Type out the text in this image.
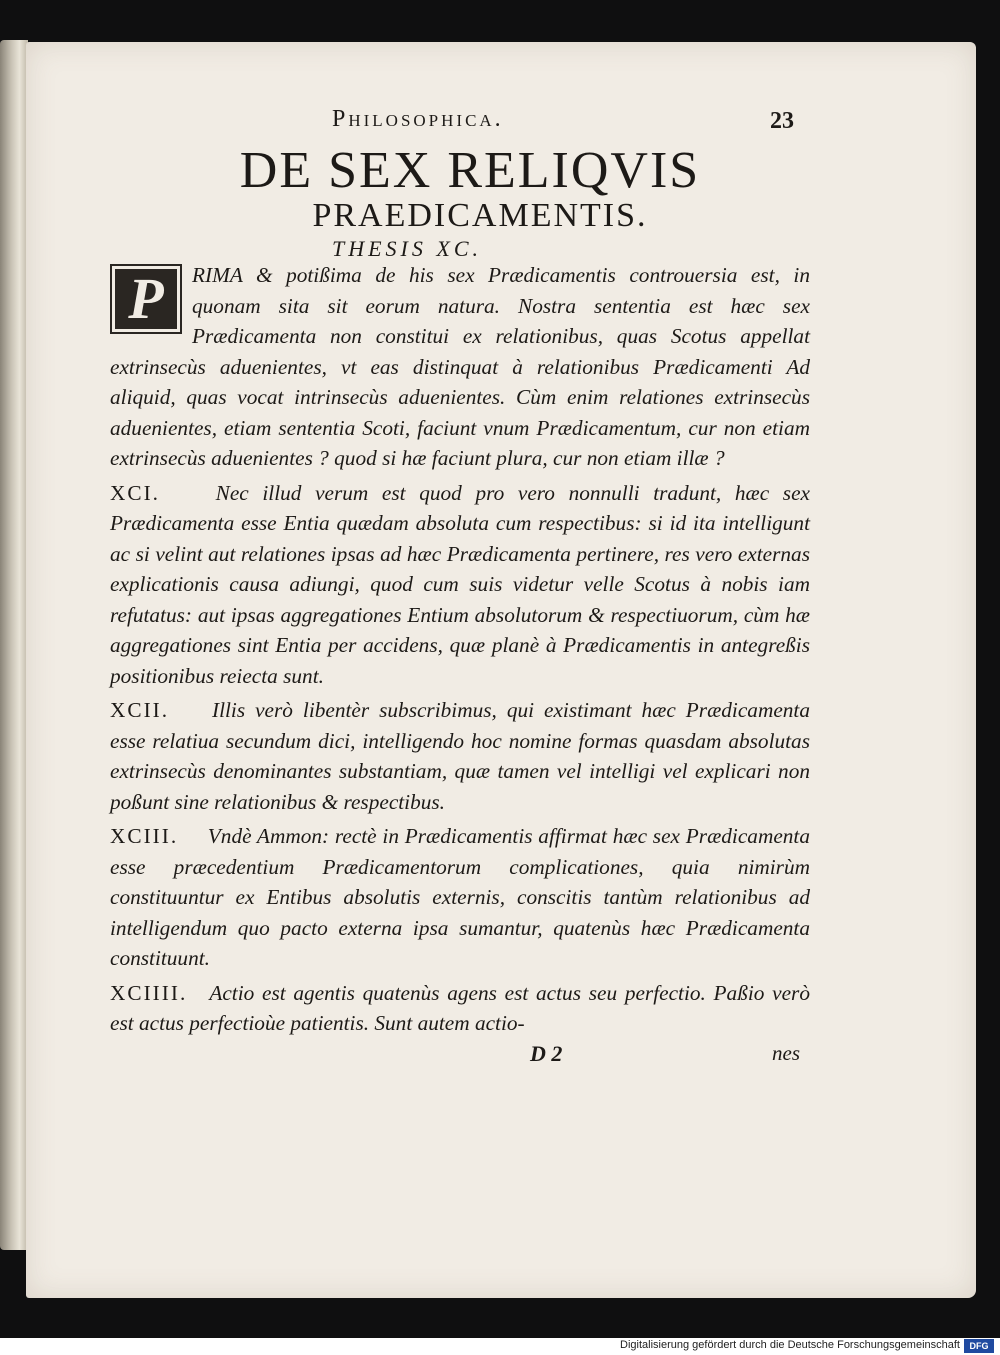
Philosophica.	23
DE SEX RELIQVIS
PRAEDICAMENTIS.
THESIS XC.
P	RIMA & potißima de his sex Prædicamentis controuersia est, in quonam sita sit eorum natura. Nostra sententia est hæc sex Prædicamenta non constitui ex relationibus, quas Scotus appellat extrinsecùs aduenientes, vt eas distinquat à relationibus Prædicamenti Ad aliquid, quas vocat intrinsecùs aduenientes. Cùm enim relationes extrinsecùs aduenientes, etiam sententia Scoti, faciunt vnum Prædicamentum, cur non etiam extrinsecùs aduenientes ? quod si hæ faciunt plura, cur non etiam illæ ?
XCI.	Nec illud verum est quod pro vero nonnulli tradunt, hæc sex Prædicamenta esse Entia quædam absoluta cum respectibus: si id ita intelligunt ac si velint aut relationes ipsas ad hæc Prædicamenta pertinere, res vero externas explicationis causa adiungi, quod cum suis videtur velle Scotus à nobis iam refutatus: aut ipsas aggregationes Entium absolutorum & respectiuorum, cùm hæ aggregationes sint Entia per accidens, quæ planè à Prædicamentis in antegreßis positionibus reiecta sunt.
XCII. Illis verò libentèr subscribimus, qui existimant hæc Prædicamenta esse relatiua secundum dici, intelligendo hoc nomine formas quasdam absolutas extrinsecùs denominantes substantiam, quæ tamen vel intelligi vel explicari non poßunt sine relationibus & respectibus.
XCIII. Vndè Ammon: rectè in Prædicamentis affirmat hæc sex Prædicamenta esse præcedentium Prædicamentorum complicationes, quia nimirùm constituuntur ex Entibus absolutis externis, conscitis tantùm relationibus ad intelligendum quo pacto externa ipsa sumantur, quatenùs hæc Prædicamenta constituunt.
XCIIII. Actio est agentis quatenùs agens est actus seu perfectio. Paßio verò est actus perfectioùe patientis. Sunt autem actio-
D 2	nes
Digitalisierung gefördert durch die Deutsche Forschungsgemeinschaft	DFG
